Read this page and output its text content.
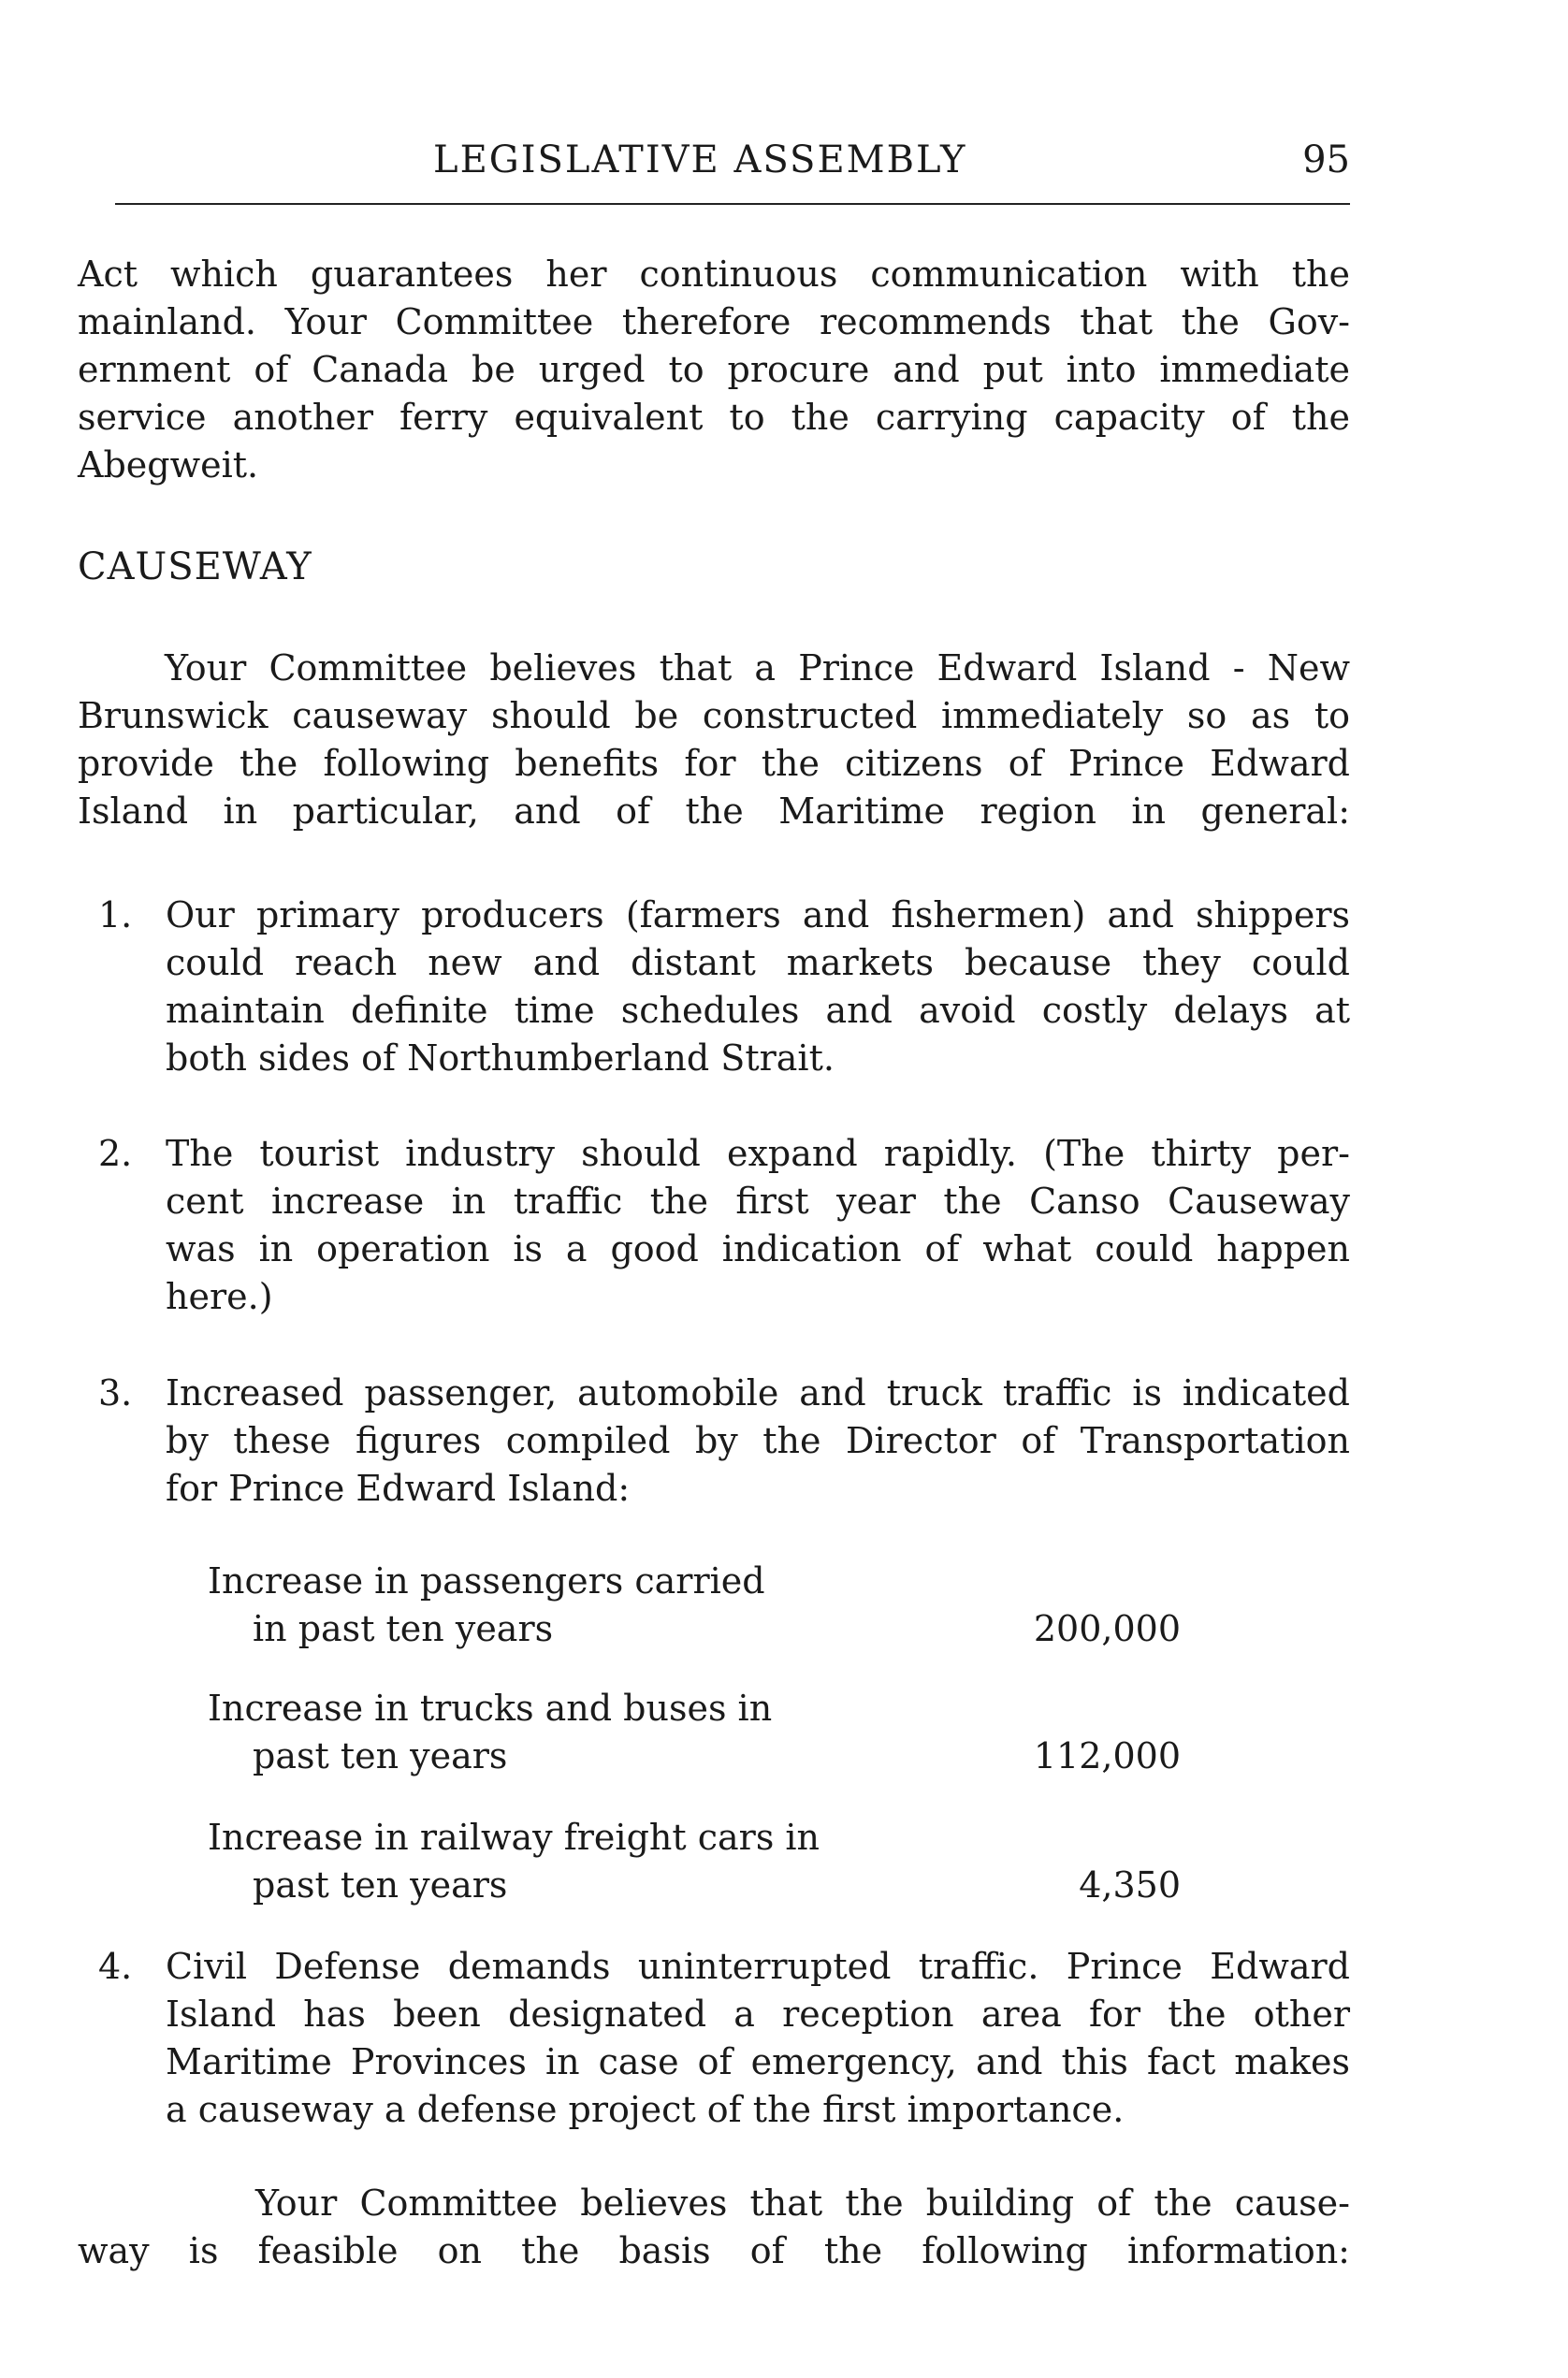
LEGISLATIVE ASSEMBLY	95
Act which guarantees her continuous communication with the
mainland. Your Committee therefore recommends that the Gov-
ernment of Canada be urged to procure and put into immediate
service another ferry equivalent to the carrying capacity of the
Abegweit.
CAUSEWAY
Your Committee believes that a Prince Edward Island - New
Brunswick causeway should be constructed immediately so as to
provide the following benefits for the citizens of Prince Edward
Island in particular, and of the Maritime region in general:
1. Our primary producers (farmers and fishermen) and shippers
could reach new and distant markets because they could
maintain definite time schedules and avoid costly delays at
both sides of Northumberland Strait.
2. The tourist industry should expand rapidly. (The thirty per-
cent increase in traffic the first year the Canso Causeway
was in operation is a good indication of what could happen
here.)
3. Increased passenger, automobile and truck traffic is indicated
by these figures compiled by the Director of Transportation
for Prince Edward Island:
Increase in passengers carried
in past ten years	200,000
Increase in trucks and buses in
past ten years	112,000
Increase in railway freight cars in
past ten years	4,350
4. Civil Defense demands uninterrupted traffic. Prince Edward
Island has been designated a reception area for the other
Maritime Provinces in case of emergency, and this fact makes
a causeway a defense project of the first importance.
Your Committee believes that the building of the cause-
way is feasible on the basis of the following information:
